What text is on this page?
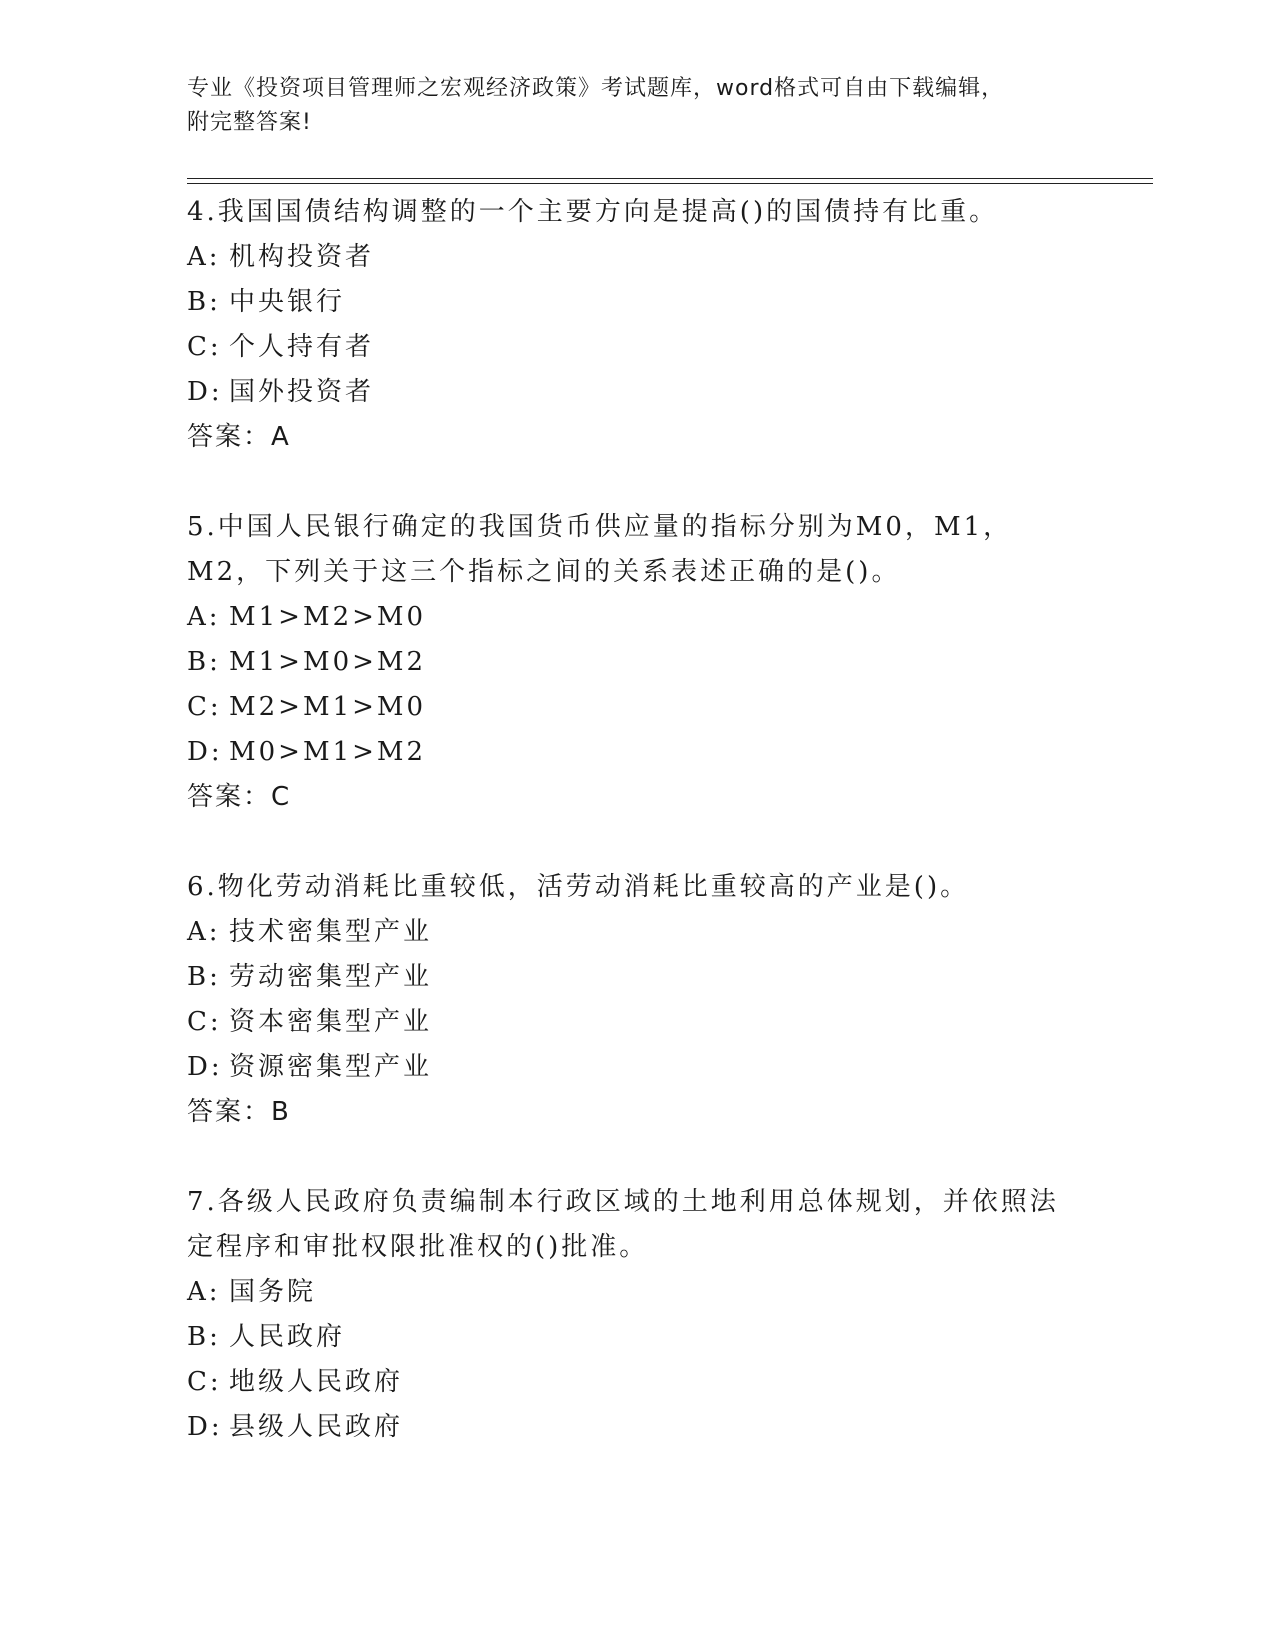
专业《投资项目管理师之宏观经济政策》考试题库，word格式可自由下载编辑，
附完整答案!
4.我国国债结构调整的一个主要方向是提高()的国债持有比重。
A: 机构投资者
B: 中央银行
C: 个人持有者
D: 国外投资者
答案：A
5.中国人民银行确定的我国货币供应量的指标分别为M0，M1，M2，下列关于这三个指标之间的关系表述正确的是()。
A: M1>M2>M0
B: M1>M0>M2
C: M2>M1>M0
D: M0>M1>M2
答案：C
6.物化劳动消耗比重较低，活劳动消耗比重较高的产业是()。
A: 技术密集型产业
B: 劳动密集型产业
C: 资本密集型产业
D: 资源密集型产业
答案：B
7.各级人民政府负责编制本行政区域的土地利用总体规划，并依照法定程序和审批权限批准权的()批准。
A: 国务院
B: 人民政府
C: 地级人民政府
D: 县级人民政府
